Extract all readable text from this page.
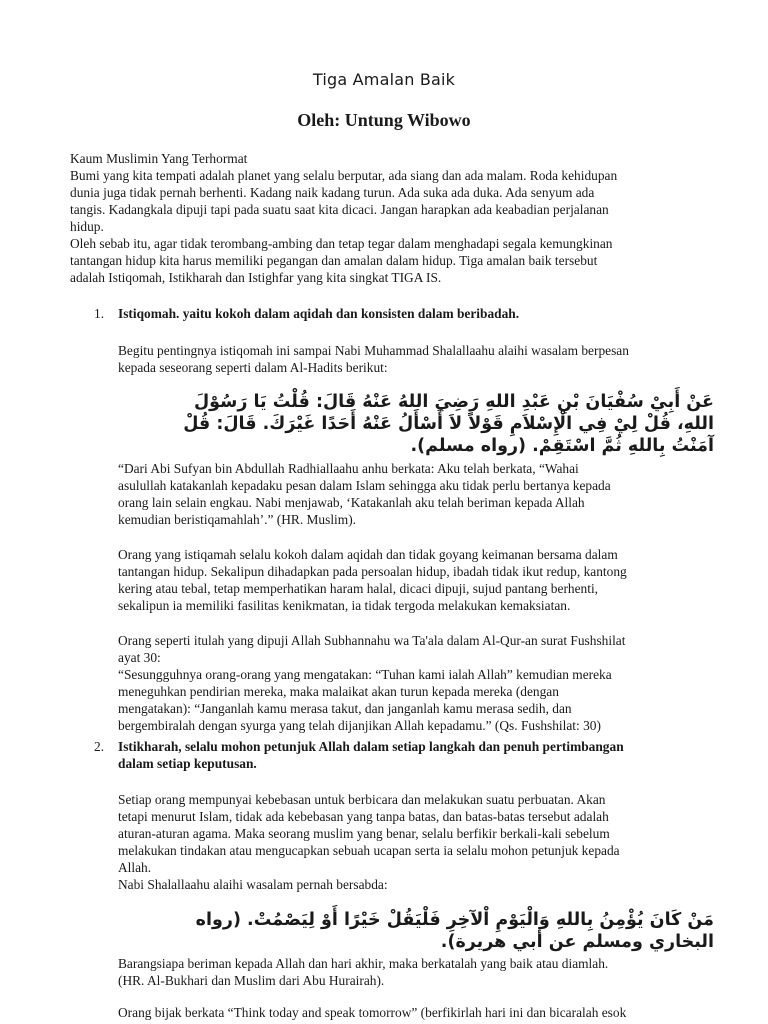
Tiga Amalan Baik
Oleh: Untung Wibowo
Kaum Muslimin Yang Terhormat
Bumi yang kita tempati adalah planet yang selalu berputar, ada siang dan ada malam. Roda kehidupan
dunia juga tidak pernah berhenti. Kadang naik kadang turun. Ada suka ada duka. Ada senyum ada
tangis. Kadangkala dipuji tapi pada suatu saat kita dicaci. Jangan harapkan ada keabadian perjalanan
hidup.
Oleh sebab itu, agar tidak terombang-ambing dan tetap tegar dalam menghadapi segala kemungkinan
tantangan hidup kita harus memiliki pegangan dan amalan dalam hidup. Tiga amalan baik tersebut
adalah Istiqomah, Istikharah dan Istighfar yang kita singkat TIGA IS.
1. Istiqomah. yaitu kokoh dalam aqidah dan konsisten dalam beribadah.
Begitu pentingnya istiqomah ini sampai Nabi Muhammad Shalallaahu alaihi wasalam berpesan
kepada seseorang seperti dalam Al-Hadits berikut:
عَنْ أَبِيْ سُفْيَانَ بْنِ عَبْدِ اللهِ رَضِيَ اللهُ عَنْهُ قَالَ: قُلْتُ يَا رَسُوْلَ
اللهِ، قُلْ لِيْ فِي الْإِسْلاَمِ قَوْلاً لاَ أَسْأَلُ عَنْهُ أَحَدًا غَيْرَكَ. قَالَ: قُلْ
آمَنْتُ بِاللهِ ثُمَّ اسْتَقِمْ. (رواه مسلم).
“Dari Abi Sufyan bin Abdullah Radhiallaahu anhu berkata: Aku telah berkata, “Wahai
asulullah katakanlah kepadaku pesan dalam Islam sehingga aku tidak perlu bertanya kepada
orang lain selain engkau. Nabi menjawab, ‘Katakanlah aku telah beriman kepada Allah
kemudian beristiqamahlah’.” (HR. Muslim).
Orang yang istiqamah selalu kokoh dalam aqidah dan tidak goyang keimanan bersama dalam
tantangan hidup. Sekalipun dihadapkan pada persoalan hidup, ibadah tidak ikut redup, kantong
kering atau tebal, tetap memperhatikan haram halal, dicaci dipuji, sujud pantang berhenti,
sekalipun ia memiliki fasilitas kenikmatan, ia tidak tergoda melakukan kemaksiatan.
Orang seperti itulah yang dipuji Allah Subhannahu wa Ta'ala dalam Al-Qur-an surat Fushshilat
ayat 30:
“Sesungguhnya orang-orang yang mengatakan: “Tuhan kami ialah Allah” kemudian mereka
meneguhkan pendirian mereka, maka malaikat akan turun kepada mereka (dengan
mengatakan): “Janganlah kamu merasa takut, dan janganlah kamu merasa sedih, dan
bergembiralah dengan syurga yang telah dijanjikan Allah kepadamu.” (Qs. Fushshilat: 30)
2. Istikharah, selalu mohon petunjuk Allah dalam setiap langkah dan penuh pertimbangan
dalam setiap keputusan.
Setiap orang mempunyai kebebasan untuk berbicara dan melakukan suatu perbuatan. Akan
tetapi menurut Islam, tidak ada kebebasan yang tanpa batas, dan batas-batas tersebut adalah
aturan-aturan agama. Maka seorang muslim yang benar, selalu berfikir berkali-kali sebelum
melakukan tindakan atau mengucapkan sebuah ucapan serta ia selalu mohon petunjuk kepada
Allah.
Nabi Shalallaahu alaihi wasalam pernah bersabda:
مَنْ كَانَ يُؤْمِنُ بِاللهِ وَالْيَوْمِ اْلآخِرِ فَلْيَقُلْ خَيْرًا أَوْ لِيَصْمُتْ. (رواه
البخاري ومسلم عن أبي هريرة).
Barangsiapa beriman kepada Allah dan hari akhir, maka berkatalah yang baik atau diamlah.
(HR. Al-Bukhari dan Muslim dari Abu Hurairah).
Orang bijak berkata “Think today and speak tomorrow” (berfikirlah hari ini dan bicaralah esok
